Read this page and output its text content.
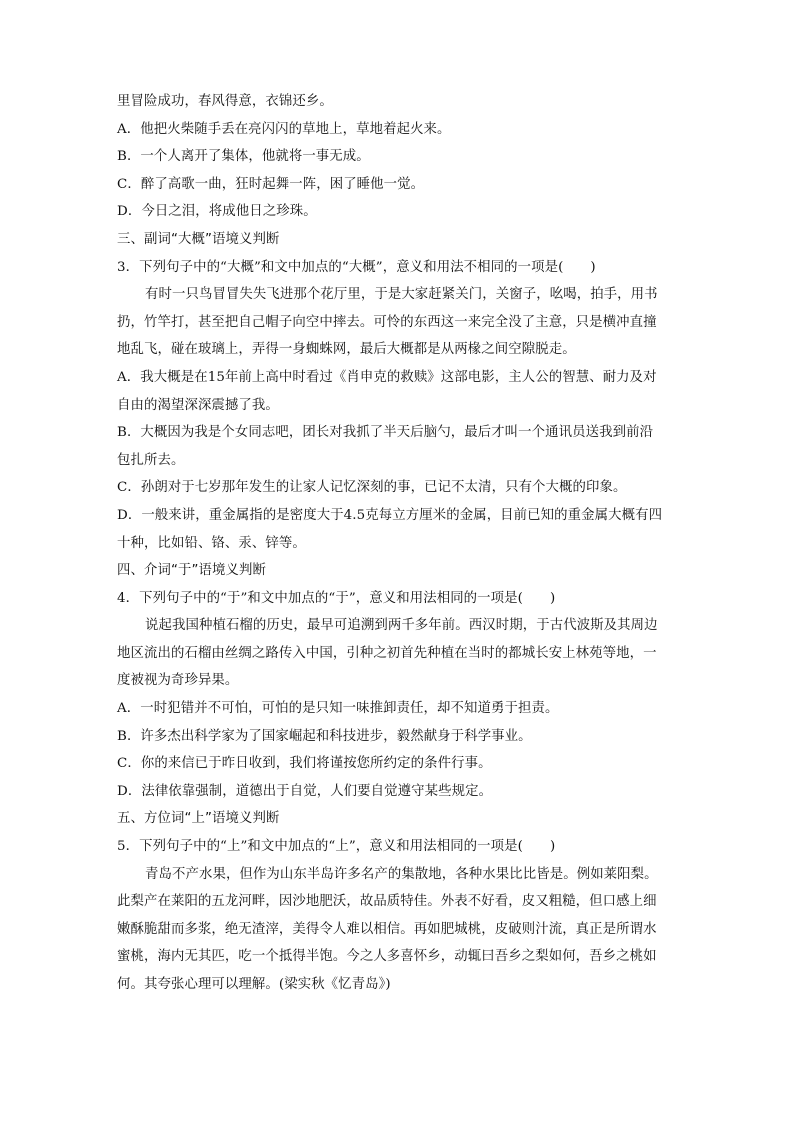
里冒险成功，春风得意，衣锦还乡。
A．他把火柴随手丢在亮闪闪的草地上，草地着起火来。
B．一个人离开了集体，他就将一事无成。
C．醉了高歌一曲，狂时起舞一阵，困了睡他一觉。
D．今日之泪，将成他日之珍珠。
三、副词“大概”语境义判断
3．下列句子中的“大概”和文中加点的“大概”，意义和用法不相同的一项是(　　)
有时一只鸟冒冒失失飞进那个花厅里，于是大家赶紧关门，关窗子，吆喝，拍手，用书
扔，竹竿打，甚至把自己帽子向空中摔去。可怜的东西这一来完全没了主意，只是横冲直撞
地乱飞，碰在玻璃上，弄得一身蜘蛛网，最后大概都是从两椽之间空隙脱走。
A．我大概是在15年前上高中时看过《肖申克的救赎》这部电影，主人公的智慧、耐力及对
自由的渴望深深震撼了我。
B．大概因为我是个女同志吧，团长对我抓了半天后脑勺，最后才叫一个通讯员送我到前沿
包扎所去。
C．孙朗对于七岁那年发生的让家人记忆深刻的事，已记不太清，只有个大概的印象。
D．一般来讲，重金属指的是密度大于4.5克每立方厘米的金属，目前已知的重金属大概有四
十种，比如铅、铬、汞、锌等。
四、介词“于”语境义判断
4．下列句子中的“于”和文中加点的“于”，意义和用法相同的一项是(　　)
说起我国种植石榴的历史，最早可追溯到两千多年前。西汉时期，于古代波斯及其周边
地区流出的石榴由丝绸之路传入中国，引种之初首先种植在当时的都城长安上林苑等地，一
度被视为奇珍异果。
A．一时犯错并不可怕，可怕的是只知一味推卸责任，却不知道勇于担责。
B．许多杰出科学家为了国家崛起和科技进步，毅然献身于科学事业。
C．你的来信已于昨日收到，我们将谨按您所约定的条件行事。
D．法律依靠强制，道德出于自觉，人们要自觉遵守某些规定。
五、方位词“上”语境义判断
5．下列句子中的“上”和文中加点的“上”，意义和用法相同的一项是(　　)
青岛不产水果，但作为山东半岛许多名产的集散地，各种水果比比皆是。例如莱阳梨。
此梨产在莱阳的五龙河畔，因沙地肥沃，故品质特佳。外表不好看，皮又粗糙，但口感上细
嫩酥脆甜而多浆，绝无渣滓，美得令人难以相信。再如肥城桃，皮破则汁流，真正是所谓水
蜜桃，海内无其匹，吃一个抵得半饱。今之人多喜怀乡，动辄曰吾乡之梨如何，吾乡之桃如
何。其夸张心理可以理解。(梁实秋《忆青岛》)
